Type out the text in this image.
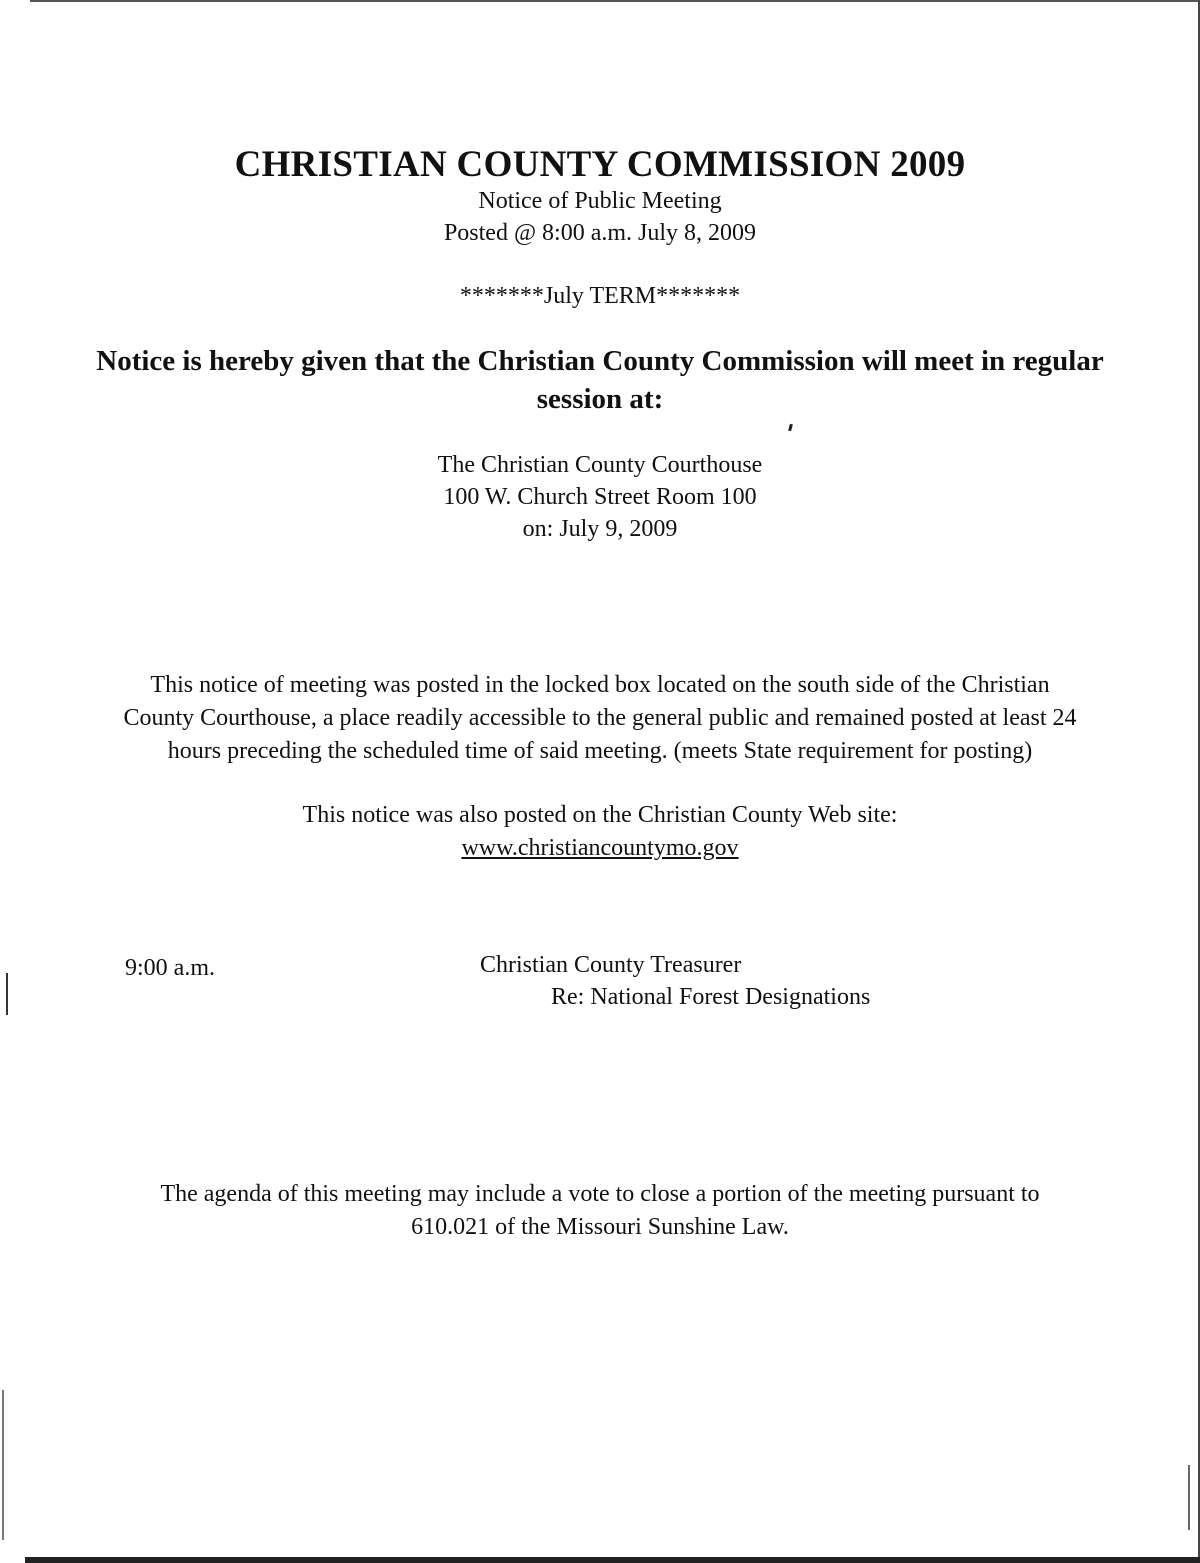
CHRISTIAN COUNTY COMMISSION 2009
Notice of Public Meeting
Posted @ 8:00 a.m. July 8, 2009
*******July TERM*******
Notice is hereby given that the Christian County Commission will meet in regular
session at:
The Christian County Courthouse
100 W. Church Street Room 100
on: July 9, 2009
This notice of meeting was posted in the locked box located on the south side of the Christian
County Courthouse, a place readily accessible to the general public and remained posted at least 24
hours preceding the scheduled time of said meeting. (meets State requirement for posting)
This notice was also posted on the Christian County Web site:
www.christiancountymo.gov
9:00 a.m.	Christian County Treasurer
Re: National Forest Designations
The agenda of this meeting may include a vote to close a portion of the meeting pursuant to
610.021 of the Missouri Sunshine Law.
